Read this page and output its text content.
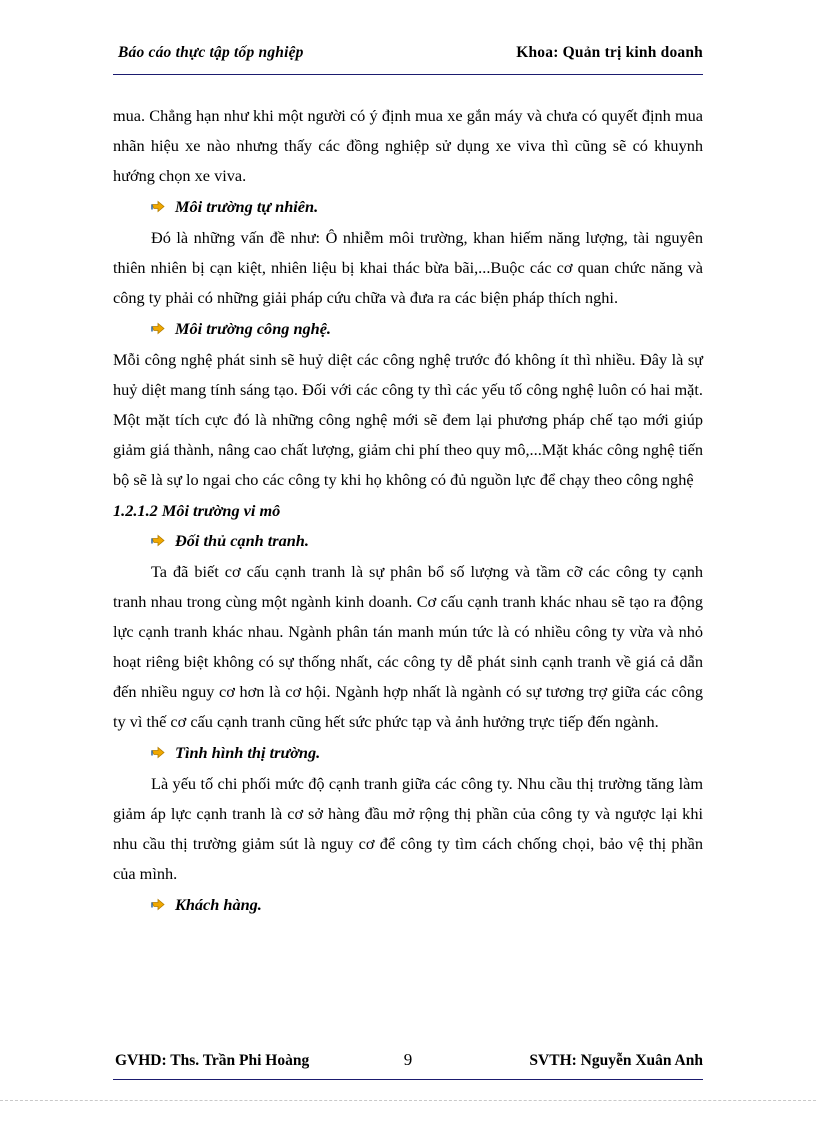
Báo cáo thực tập tốp nghiệp	Khoa: Quản trị kinh doanh

mua. Chẳng hạn như khi một người có ý định mua xe gắn máy và chưa có quyết định mua nhãn hiệu xe nào nhưng thấy các đồng nghiệp sử dụng xe viva thì cũng sẽ có khuynh hướng chọn xe viva.

Môi trường tự nhiên.

Đó là những vấn đề như: Ô nhiễm môi trường, khan hiếm năng lượng, tài nguyên thiên nhiên bị cạn kiệt, nhiên liệu bị khai thác bừa bãi,...Buộc các cơ quan chức năng và công ty phải có những giải pháp cứu chữa và đưa ra các biện pháp thích nghi.

Môi trường công nghệ.

Mỗi công nghệ phát sinh sẽ huỷ diệt các công nghệ trước đó không ít thì nhiều. Đây là sự huỷ diệt mang tính sáng tạo. Đối với các công ty thì các yếu tố công nghệ luôn có hai mặt. Một mặt tích cực đó là những công nghệ mới sẽ đem lại phương pháp chế tạo mới giúp giảm giá thành, nâng cao chất lượng, giảm chi phí theo quy mô,...Mặt khác công nghệ tiến bộ sẽ là sự lo ngai cho các công ty khi họ không có đủ nguồn lực để chạy theo công nghệ

1.2.1.2 Môi trường vi mô

Đối thủ cạnh tranh.

Ta đã biết cơ cấu cạnh tranh là sự phân bổ số lượng và tầm cỡ các công ty cạnh tranh nhau trong cùng một ngành kinh doanh. Cơ cấu cạnh tranh khác nhau sẽ tạo ra động lực cạnh tranh khác nhau. Ngành phân tán manh mún tức là có nhiều công ty vừa và nhỏ hoạt riêng biệt không có sự thống nhất, các công ty dễ phát sinh cạnh tranh về giá cả dẫn đến nhiều nguy cơ hơn là cơ hội. Ngành hợp nhất là ngành có sự tương trợ giữa các công ty vì thế cơ cấu cạnh tranh cũng hết sức phức tạp và ảnh hưởng trực tiếp đến ngành.

Tình hình thị trường.

Là yếu tố chi phối mức độ cạnh tranh giữa các công ty. Nhu cầu thị trường tăng làm giảm áp lực cạnh tranh là cơ sở hàng đầu mở rộng thị phần của công ty và ngược lại khi nhu cầu thị trường giảm sút là nguy cơ để công ty tìm cách chống chọi, bảo vệ thị phần của mình.

Khách hàng.
GVHD: Ths. Trần Phi Hoàng	9	SVTH: Nguyễn Xuân Anh
